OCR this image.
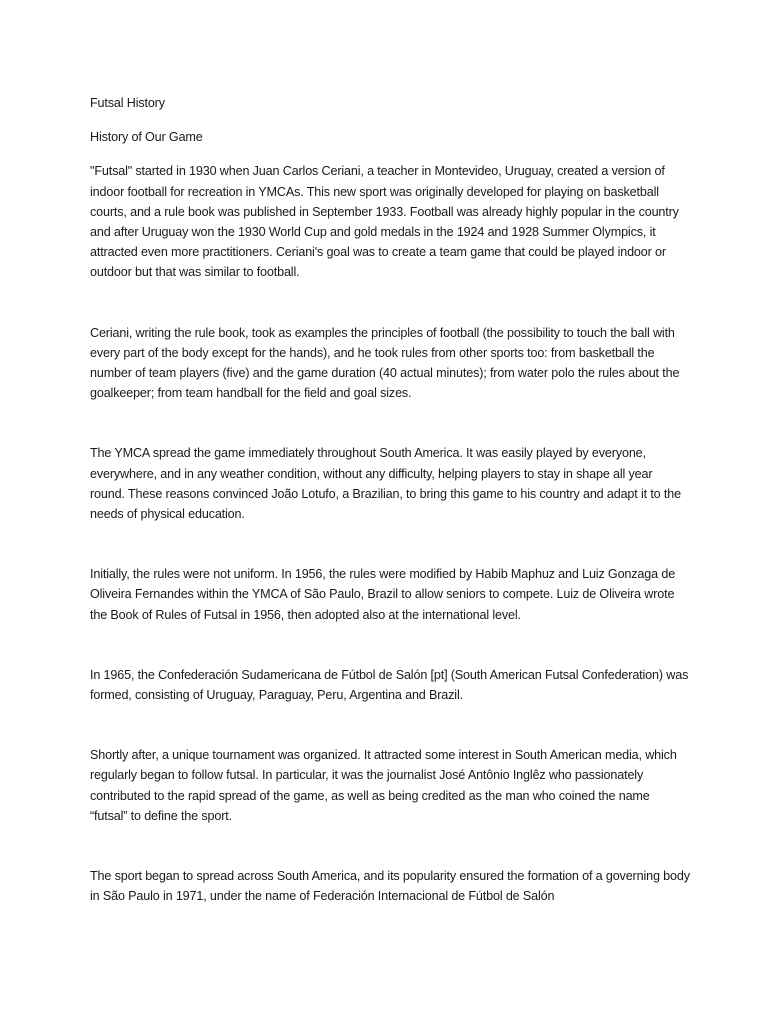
Futsal History

History of Our Game

"Futsal" started in 1930 when Juan Carlos Ceriani, a teacher in Montevideo, Uruguay, created a version of indoor football for recreation in YMCAs. This new sport was originally developed for playing on basketball courts, and a rule book was published in September 1933. Football was already highly popular in the country and after Uruguay won the 1930 World Cup and gold medals in the 1924 and 1928 Summer Olympics, it attracted even more practitioners. Ceriani's goal was to create a team game that could be played indoor or outdoor but that was similar to football.

Ceriani, writing the rule book, took as examples the principles of football (the possibility to touch the ball with every part of the body except for the hands), and he took rules from other sports too: from basketball the number of team players (five) and the game duration (40 actual minutes); from water polo the rules about the goalkeeper; from team handball for the field and goal sizes.

The YMCA spread the game immediately throughout South America. It was easily played by everyone, everywhere, and in any weather condition, without any difficulty, helping players to stay in shape all year round. These reasons convinced João Lotufo, a Brazilian, to bring this game to his country and adapt it to the needs of physical education.

Initially, the rules were not uniform. In 1956, the rules were modified by Habib Maphuz and Luiz Gonzaga de Oliveira Fernandes within the YMCA of São Paulo, Brazil to allow seniors to compete. Luiz de Oliveira wrote the Book of Rules of Futsal in 1956, then adopted also at the international level.

In 1965, the Confederación Sudamericana de Fútbol de Salón [pt] (South American Futsal Confederation) was formed, consisting of Uruguay, Paraguay, Peru, Argentina and Brazil.

Shortly after, a unique tournament was organized. It attracted some interest in South American media, which regularly began to follow futsal. In particular, it was the journalist José Antônio Inglêz who passionately contributed to the rapid spread of the game, as well as being credited as the man who coined the name “futsal” to define the sport.

The sport began to spread across South America, and its popularity ensured the formation of a governing body in São Paulo in 1971, under the name of Federación Internacional de Fútbol de Salón
